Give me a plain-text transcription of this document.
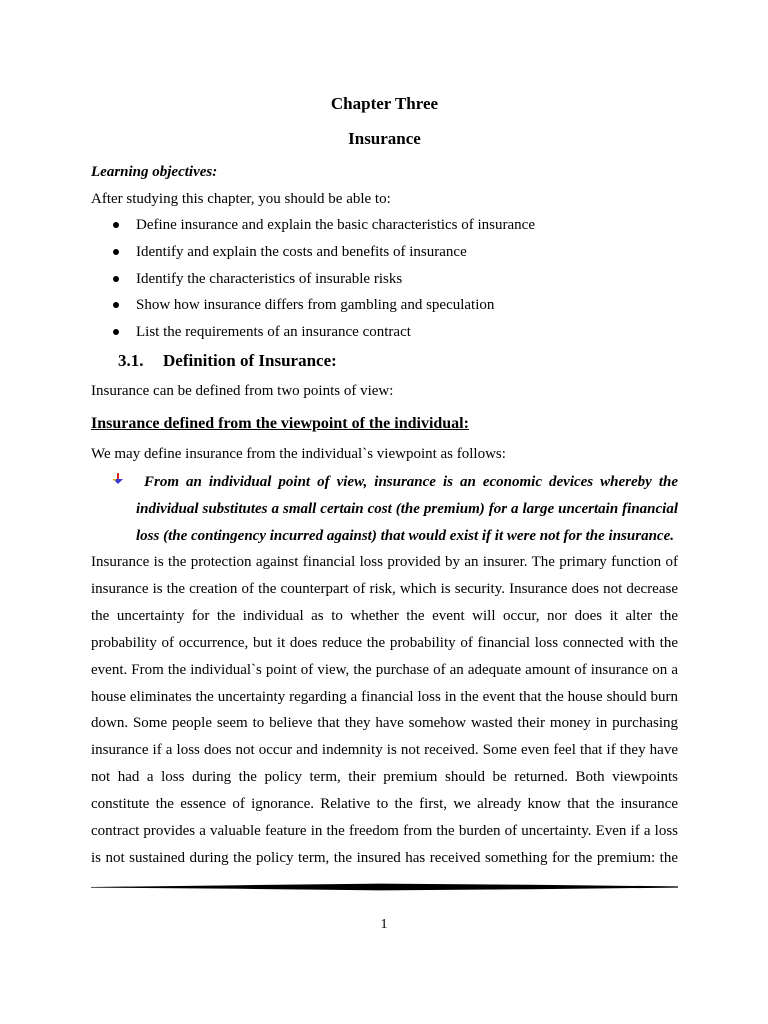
Chapter Three
Insurance
Learning objectives:
After studying this chapter, you should be able to:
Define insurance and explain the basic characteristics of insurance
Identify and explain the costs and benefits of insurance
Identify the characteristics of insurable risks
Show how insurance differs from gambling and speculation
List the requirements of an insurance contract
3.1. Definition of Insurance:
Insurance can be defined from two points of view:
Insurance defined from the viewpoint of the individual:
We may define insurance from the individual`s viewpoint as follows:
From an individual point of view, insurance is an economic devices whereby the individual substitutes a small certain cost (the premium) for a large uncertain financial loss (the contingency incurred against) that would exist if it were not for the insurance.
Insurance is the protection against financial loss provided by an insurer. The primary function of insurance is the creation of the counterpart of risk, which is security. Insurance does not decrease the uncertainty for the individual as to whether the event will occur, nor does it alter the probability of occurrence, but it does reduce the probability of financial loss connected with the event. From the individual`s point of view, the purchase of an adequate amount of insurance on a house eliminates the uncertainty regarding a financial loss in the event that the house should burn down. Some people seem to believe that they have somehow wasted their money in purchasing insurance if a loss does not occur and indemnity is not received. Some even feel that if they have not had a loss during the policy term, their premium should be returned. Both viewpoints constitute the essence of ignorance. Relative to the first, we already know that the insurance contract provides a valuable feature in the freedom from the burden of uncertainty. Even if a loss is not sustained during the policy term, the insured has received something for the premium: the
1
